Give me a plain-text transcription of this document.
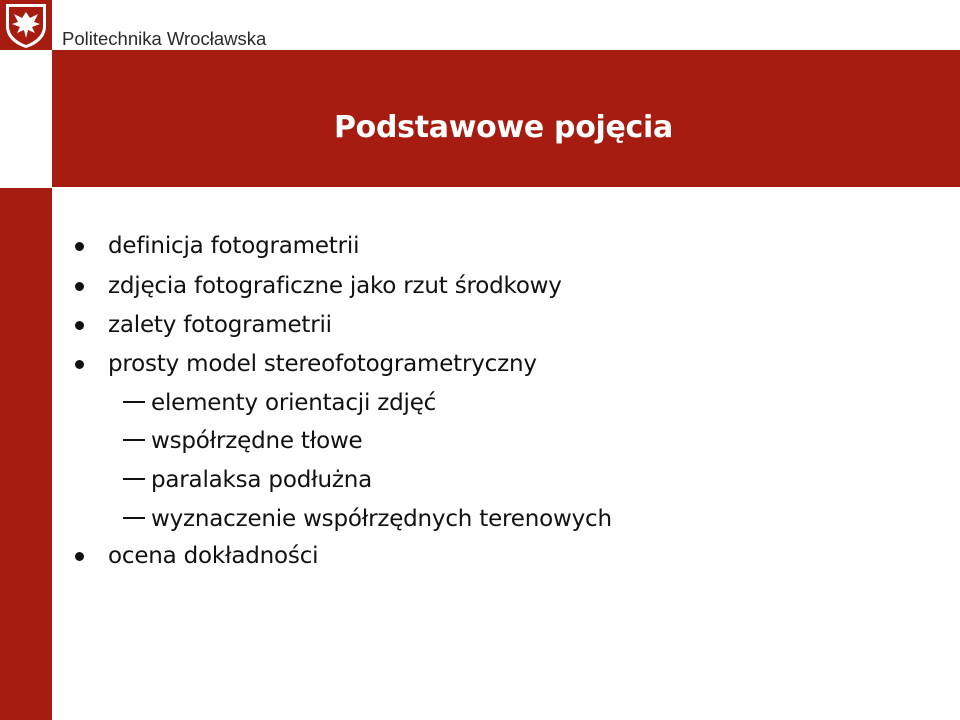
Politechnika Wrocławska
Podstawowe pojęcia
definicja fotogrametrii
zdjęcia fotograficzne jako rzut środkowy
zalety fotogrametrii
prosty model stereofotogrametryczny
elementy orientacji zdjęć
współrzędne tłowe
paralaksa podłużna
wyznaczenie współrzędnych terenowych
ocena dokładności
